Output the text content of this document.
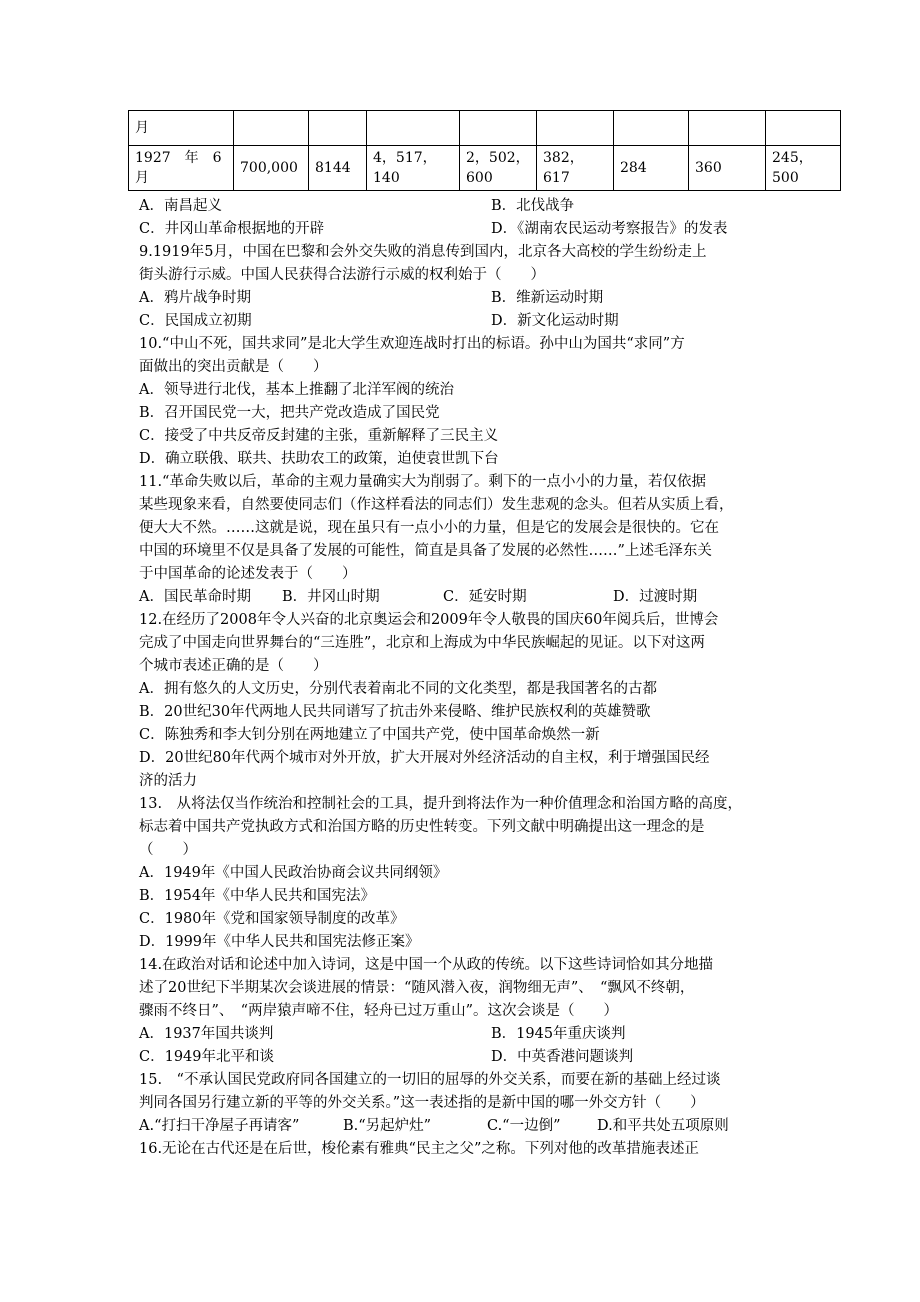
月								
1927　年　6月	700,000	8144	4，517，140	2，502，600	382，617	284	360	245，500
A．南昌起义	B．北伐战争
C．井冈山革命根据地的开辟	D．《湖南农民运动考察报告》的发表

9.1919年5月，中国在巴黎和会外交失败的消息传到国内，北京各大高校的学生纷纷走上

街头游行示威。中国人民获得合法游行示威的权利始于（　　）

A．鸦片战争时期	B．维新运动时期
C．民国成立初期	D．新文化运动时期

10.“中山不死，国共求同”是北大学生欢迎连战时打出的标语。孙中山为国共“求同”方

面做出的突出贡献是（　　）

A．领导进行北伐，基本上推翻了北洋军阀的统治

B．召开国民党一大，把共产党改造成了国民党

C．接受了中共反帝反封建的主张，重新解释了三民主义

D．确立联俄、联共、扶助农工的政策，迫使袁世凯下台

11.“革命失败以后，革命的主观力量确实大为削弱了。剩下的一点小小的力量，若仅依据

某些现象来看，自然要使同志们（作这样看法的同志们）发生悲观的念头。但若从实质上看，

便大大不然。……这就是说，现在虽只有一点小小的力量，但是它的发展会是很快的。它在

中国的环境里不仅是具备了发展的可能性，简直是具备了发展的必然性……”上述毛泽东关

于中国革命的论述发表于（　　）

A．国民革命时期	B．井冈山时期	C．延安时期	D．过渡时期

12.在经历了2008年令人兴奋的北京奥运会和2009年令人敬畏的国庆60年阅兵后，世博会

完成了中国走向世界舞台的“三连胜”，北京和上海成为中华民族崛起的见证。以下对这两

个城市表述正确的是（　　）

A．拥有悠久的人文历史，分别代表着南北不同的文化类型，都是我国著名的古都

B．20世纪30年代两地人民共同谱写了抗击外来侵略、维护民族权利的英雄赞歌

C．陈独秀和李大钊分别在两地建立了中国共产党，使中国革命焕然一新

D．20世纪80年代两个城市对外开放，扩大开展对外经济活动的自主权，利于增强国民经

济的活力

13.　从将法仅当作统治和控制社会的工具，提升到将法作为一种价值理念和治国方略的高度，

标志着中国共产党执政方式和治国方略的历史性转变。下列文献中明确提出这一理念的是

（　　）

A．1949年《中国人民政治协商会议共同纲领》

B．1954年《中华人民共和国宪法》

C．1980年《党和国家领导制度的改革》

D．1999年《中华人民共和国宪法修正案》

14.在政治对话和论述中加入诗词，这是中国一个从政的传统。以下这些诗词恰如其分地描

述了20世纪下半期某次会谈进展的情景：“随风潜入夜，润物细无声”、　“飘风不终朝，

骤雨不终日”、　“两岸猿声啼不住，轻舟已过万重山”。这次会谈是（　　）

A．1937年国共谈判	B．1945年重庆谈判
C．1949年北平和谈	D．中英香港问题谈判

15.　“不承认国民党政府同各国建立的一切旧的屈辱的外交关系，而要在新的基础上经过谈

判同各国另行建立新的平等的外交关系。”这一表述指的是新中国的哪一外交方针（　　）

A.“打扫干净屋子再请客”	B.“另起炉灶”	C.“一边倒”	D.和平共处五项原则

16.无论在古代还是在后世，梭伦素有雅典“民主之父”之称。下列对他的改革措施表述正
